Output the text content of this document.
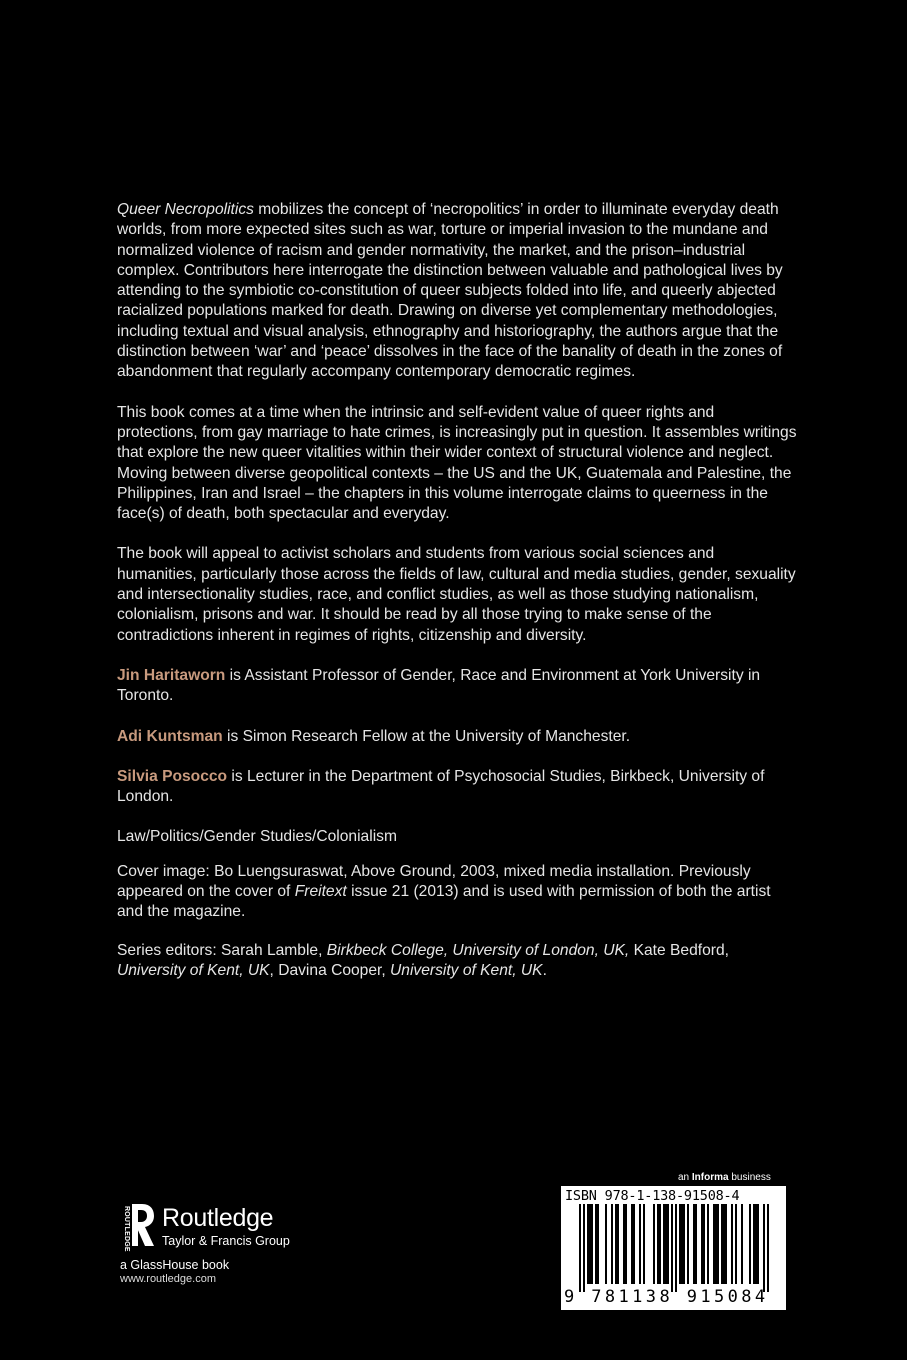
Queer Necropolitics mobilizes the concept of ‘necropolitics’ in order to illuminate everyday death worlds, from more expected sites such as war, torture or imperial invasion to the mundane and normalized violence of racism and gender normativity, the market, and the prison–industrial complex. Contributors here interrogate the distinction between valuable and pathological lives by attending to the symbiotic co-constitution of queer subjects folded into life, and queerly abjected racialized populations marked for death. Drawing on diverse yet complementary methodologies, including textual and visual analysis, ethnography and historiography, the authors argue that the distinction between ‘war’ and ‘peace’ dissolves in the face of the banality of death in the zones of abandonment that regularly accompany contemporary democratic regimes.

This book comes at a time when the intrinsic and self-evident value of queer rights and protections, from gay marriage to hate crimes, is increasingly put in question. It assembles writings that explore the new queer vitalities within their wider context of structural violence and neglect. Moving between diverse geopolitical contexts – the US and the UK, Guatemala and Palestine, the Philippines, Iran and Israel – the chapters in this volume interrogate claims to queerness in the face(s) of death, both spectacular and everyday.

The book will appeal to activist scholars and students from various social sciences and humanities, particularly those across the fields of law, cultural and media studies, gender, sexuality and intersectionality studies, race, and conflict studies, as well as those studying nationalism, colonialism, prisons and war. It should be read by all those trying to make sense of the contradictions inherent in regimes of rights, citizenship and diversity.

Jin Haritaworn is Assistant Professor of Gender, Race and Environment at York University in Toronto.

Adi Kuntsman is Simon Research Fellow at the University of Manchester.

Silvia Posocco is Lecturer in the Department of Psychosocial Studies, Birkbeck, University of London.

Law/Politics/Gender Studies/Colonialism

Cover image: Bo Luengsuraswat, Above Ground, 2003, mixed media installation. Previously appeared on the cover of Freitext issue 21 (2013) and is used with permission of both the artist and the magazine.

Series editors: Sarah Lamble, Birkbeck College, University of London, UK, Kate Bedford, University of Kent, UK, Davina Cooper, University of Kent, UK.

ROUTLEDGE Routledge
Taylor & Francis Group
a GlassHouse book
www.routledge.com
an Informa business
ISBN 978-1-138-91508-4
9 781138 915084
